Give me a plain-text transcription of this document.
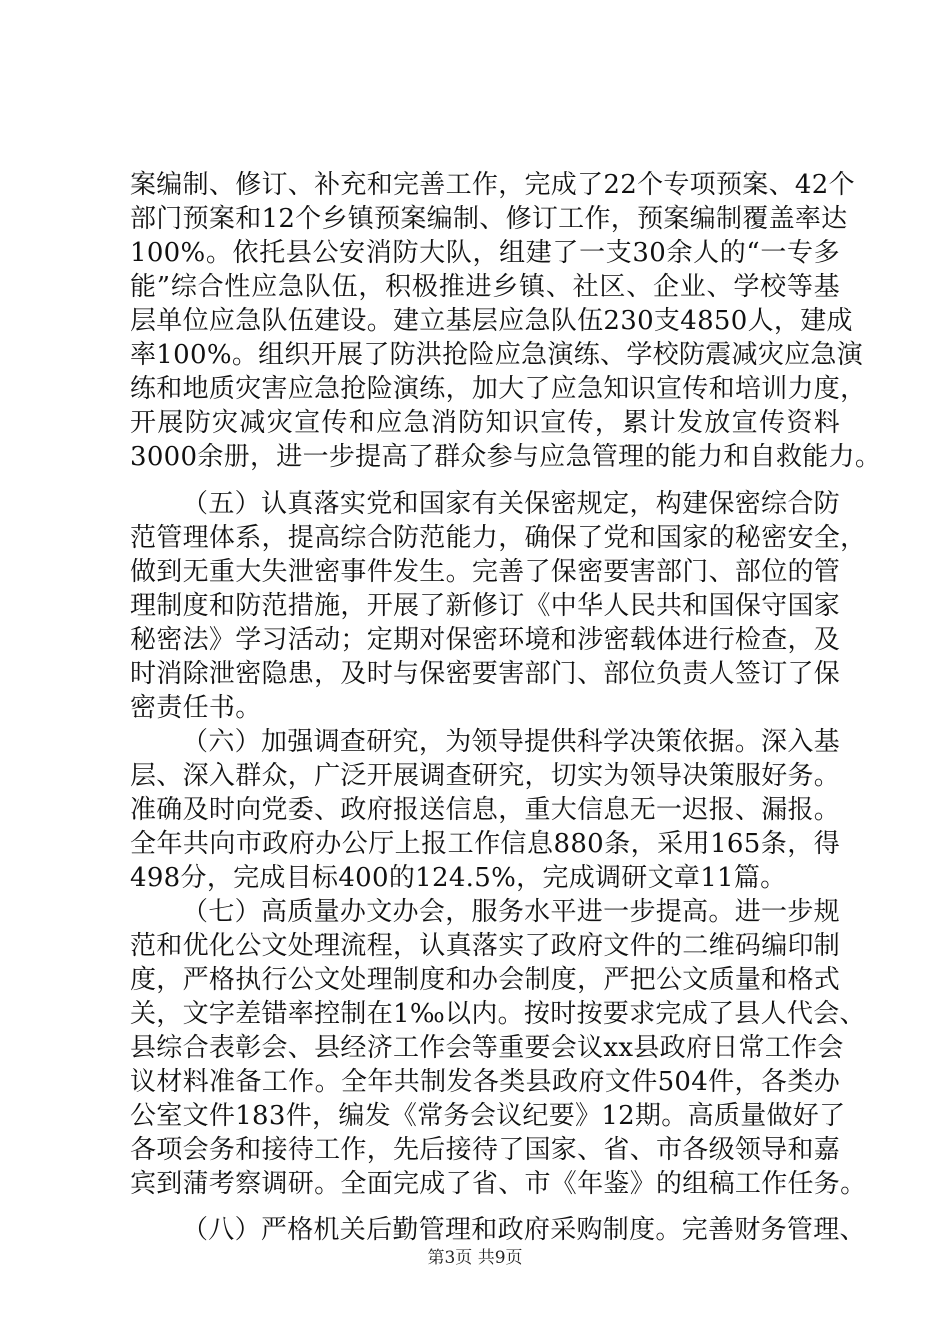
案编制、修订、补充和完善工作，完成了22个专项预案、42个
部门预案和12个乡镇预案编制、修订工作，预案编制覆盖率达
100%。依托县公安消防大队，组建了一支30余人的“一专多
能”综合性应急队伍，积极推进乡镇、社区、企业、学校等基
层单位应急队伍建设。建立基层应急队伍230支4850人，建成
率100%。组织开展了防洪抢险应急演练、学校防震减灾应急演
练和地质灾害应急抢险演练，加大了应急知识宣传和培训力度，
开展防灾减灾宣传和应急消防知识宣传，累计发放宣传资料
3000余册，进一步提高了群众参与应急管理的能力和自救能力。
（五）认真落实党和国家有关保密规定，构建保密综合防
范管理体系，提高综合防范能力，确保了党和国家的秘密安全，
做到无重大失泄密事件发生。完善了保密要害部门、部位的管
理制度和防范措施，开展了新修订《中华人民共和国保守国家
秘密法》学习活动；定期对保密环境和涉密载体进行检查，及
时消除泄密隐患，及时与保密要害部门、部位负责人签订了保
密责任书。
（六）加强调查研究，为领导提供科学决策依据。深入基
层、深入群众，广泛开展调查研究，切实为领导决策服好务。
准确及时向党委、政府报送信息，重大信息无一迟报、漏报。
全年共向市政府办公厅上报工作信息880条，采用165条，得
498分，完成目标400的124.5%，完成调研文章11篇。
（七）高质量办文办会，服务水平进一步提高。进一步规
范和优化公文处理流程，认真落实了政府文件的二维码编印制
度，严格执行公文处理制度和办会制度，严把公文质量和格式
关，文字差错率控制在1‰以内。按时按要求完成了县人代会、
县综合表彰会、县经济工作会等重要会议xx县政府日常工作会
议材料准备工作。全年共制发各类县政府文件504件，各类办
公室文件183件，编发《常务会议纪要》12期。高质量做好了
各项会务和接待工作，先后接待了国家、省、市各级领导和嘉
宾到蒲考察调研。全面完成了省、市《年鉴》的组稿工作任务。
（八）严格机关后勤管理和政府采购制度。完善财务管理、
第3页 共9页
